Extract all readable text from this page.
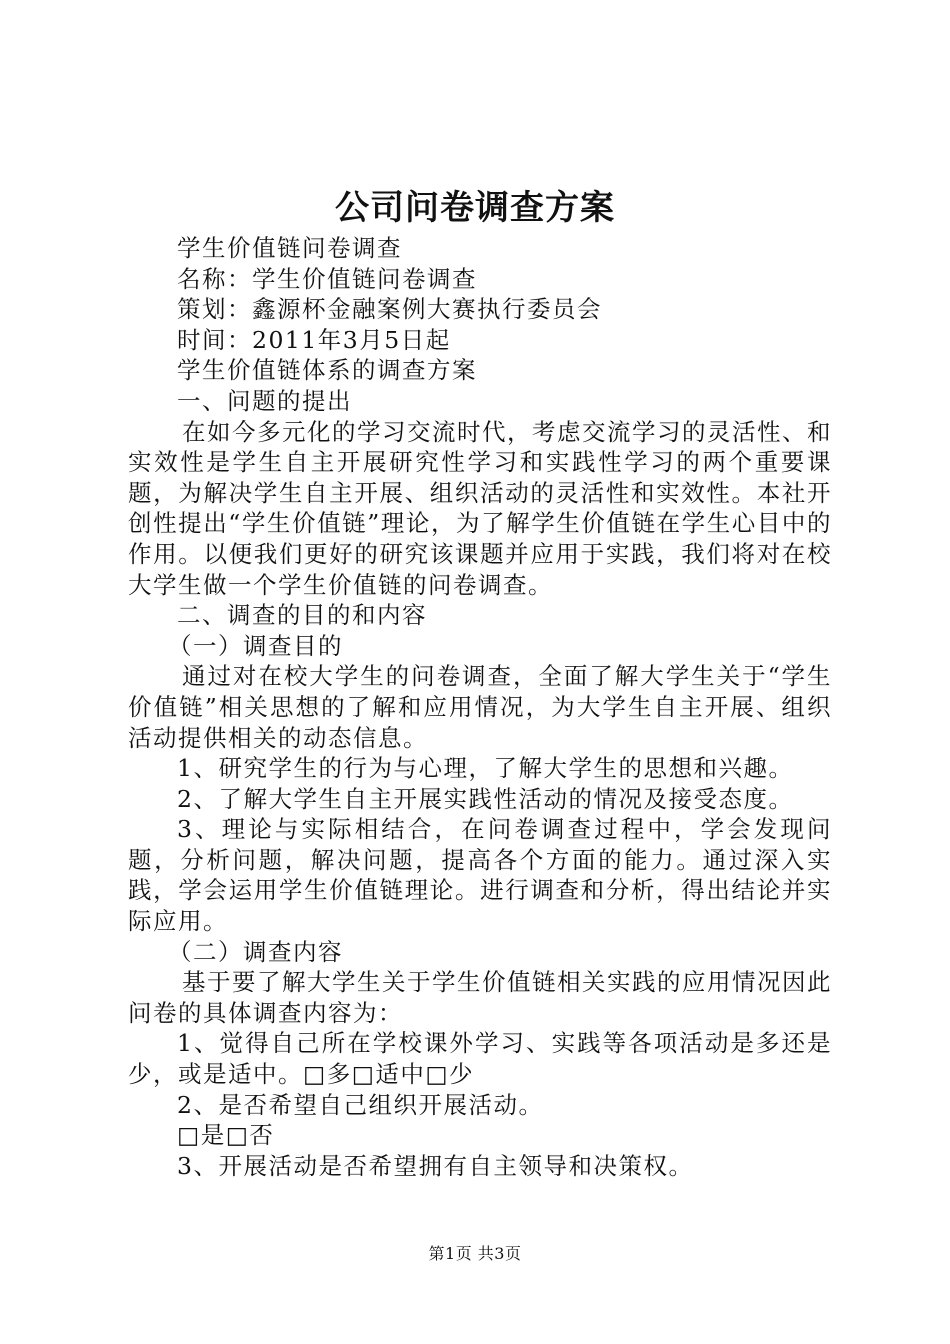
公司问卷调查方案

学生价值链问卷调查

名称：学生价值链问卷调查

策划：鑫源杯金融案例大赛执行委员会

时间：2011年3月5日起

学生价值链体系的调查方案

一、问题的提出

在如今多元化的学习交流时代，考虑交流学习的灵活性、和实效性是学生自主开展研究性学习和实践性学习的两个重要课题，为解决学生自主开展、组织活动的灵活性和实效性。本社开创性提出“学生价值链”理论，为了解学生价值链在学生心目中的作用。以便我们更好的研究该课题并应用于实践，我们将对在校大学生做一个学生价值链的问卷调查。

二、调查的目的和内容

（一）调查目的

通过对在校大学生的问卷调查，全面了解大学生关于“学生价值链”相关思想的了解和应用情况，为大学生自主开展、组织活动提供相关的动态信息。

1、研究学生的行为与心理，了解大学生的思想和兴趣。

2、了解大学生自主开展实践性活动的情况及接受态度。

3、理论与实际相结合，在问卷调查过程中，学会发现问题，分析问题，解决问题，提高各个方面的能力。通过深入实践，学会运用学生价值链理论。进行调查和分析，得出结论并实际应用。

（二）调查内容

基于要了解大学生关于学生价值链相关实践的应用情况因此问卷的具体调查内容为：

1、觉得自己所在学校课外学习、实践等各项活动是多还是少，或是适中。□多□适中□少

2、是否希望自己组织开展活动。

□是□否

3、开展活动是否希望拥有自主领导和决策权。

第1页 共3页
